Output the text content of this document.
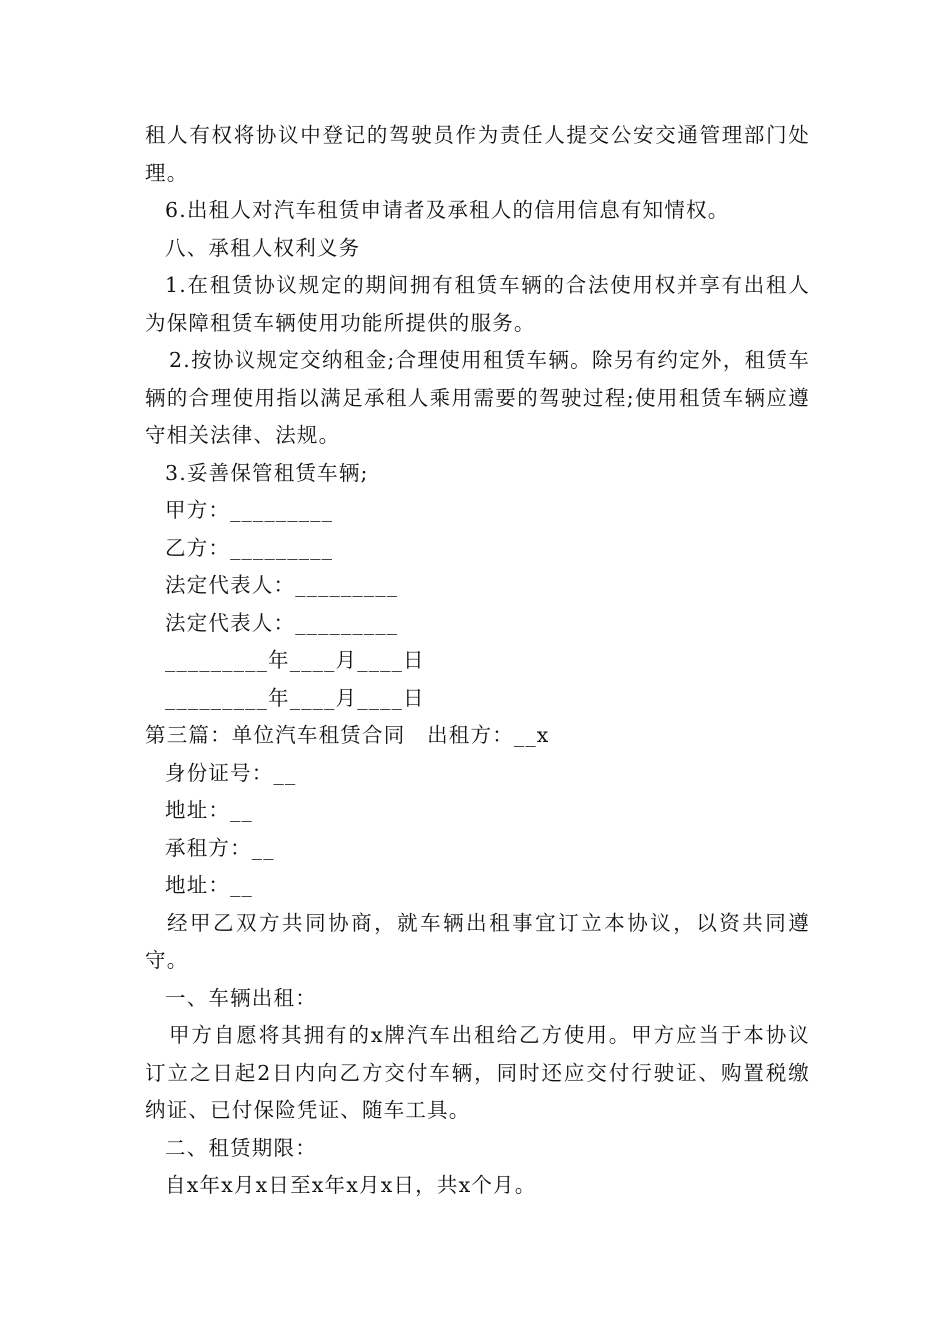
租人有权将协议中登记的驾驶员作为责任人提交公安交通管理部门处理。

6.出租人对汽车租赁申请者及承租人的信用信息有知情权。

八、承租人权利义务

1.在租赁协议规定的期间拥有租赁车辆的合法使用权并享有出租人为保障租赁车辆使用功能所提供的服务。

2.按协议规定交纳租金;合理使用租赁车辆。除另有约定外，租赁车辆的合理使用指以满足承租人乘用需要的驾驶过程;使用租赁车辆应遵守相关法律、法规。

3.妥善保管租赁车辆;

甲方：_________

乙方：_________

法定代表人：_________

法定代表人：_________

_________年____月____日

_________年____月____日

第三篇：单位汽车租赁合同　出租方：__x

身份证号：__

地址：__

承租方：__

地址：__

经甲乙双方共同协商，就车辆出租事宜订立本协议，以资共同遵守。

一、车辆出租：

甲方自愿将其拥有的x牌汽车出租给乙方使用。甲方应当于本协议订立之日起2日内向乙方交付车辆，同时还应交付行驶证、购置税缴纳证、已付保险凭证、随车工具。

二、租赁期限：

自x年x月x日至x年x月x日，共x个月。
